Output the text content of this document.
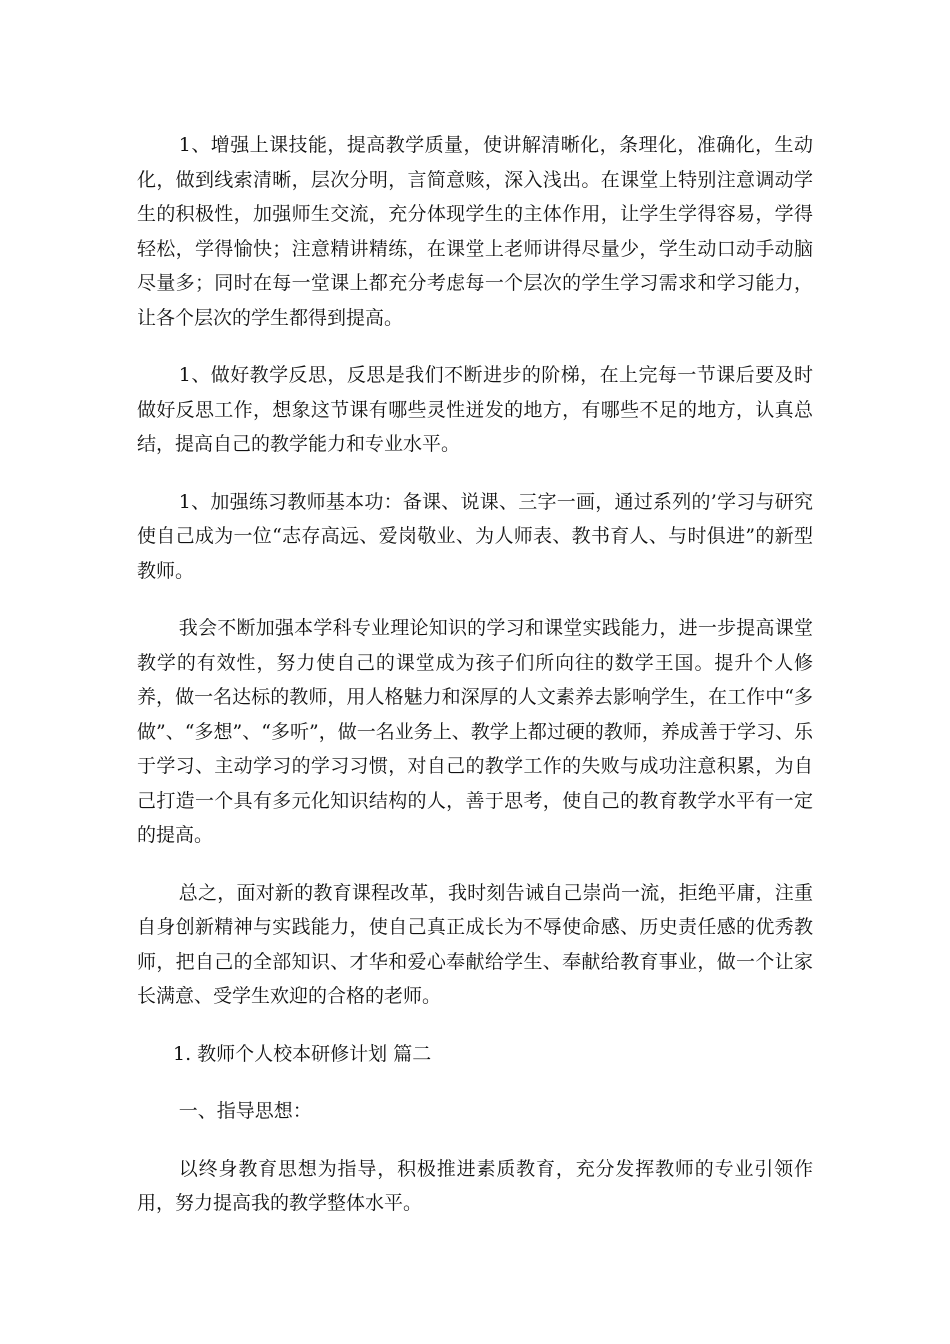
1、增强上课技能，提高教学质量，使讲解清晰化，条理化，准确化，生动化，做到线索清晰，层次分明，言简意赅，深入浅出。在课堂上特别注意调动学生的积极性，加强师生交流，充分体现学生的主体作用，让学生学得容易，学得轻松，学得愉快；注意精讲精练，在课堂上老师讲得尽量少，学生动口动手动脑尽量多；同时在每一堂课上都充分考虑每一个层次的学生学习需求和学习能力，让各个层次的学生都得到提高。

1、做好教学反思，反思是我们不断进步的阶梯，在上完每一节课后要及时做好反思工作，想象这节课有哪些灵性迸发的地方，有哪些不足的地方，认真总结，提高自己的教学能力和专业水平。

1、加强练习教师基本功：备课、说课、三字一画，通过系列的’学习与研究使自己成为一位“志存高远、爱岗敬业、为人师表、教书育人、与时俱进”的新型教师。

我会不断加强本学科专业理论知识的学习和课堂实践能力，进一步提高课堂教学的有效性，努力使自己的课堂成为孩子们所向往的数学王国。提升个人修养，做一名达标的教师，用人格魅力和深厚的人文素养去影响学生，在工作中“多做”、“多想”、“多听”，做一名业务上、教学上都过硬的教师，养成善于学习、乐于学习、主动学习的学习习惯，对自己的教学工作的失败与成功注意积累，为自己打造一个具有多元化知识结构的人，善于思考，使自己的教育教学水平有一定的提高。

总之，面对新的教育课程改革，我时刻告诫自己崇尚一流，拒绝平庸，注重自身创新精神与实践能力，使自己真正成长为不辱使命感、历史责任感的优秀教师，把自己的全部知识、才华和爱心奉献给学生、奉献给教育事业，做一个让家长满意、受学生欢迎的合格的老师。

1. 教师个人校本研修计划 篇二

一、指导思想：

以终身教育思想为指导，积极推进素质教育，充分发挥教师的专业引领作用，努力提高我的教学整体水平。
